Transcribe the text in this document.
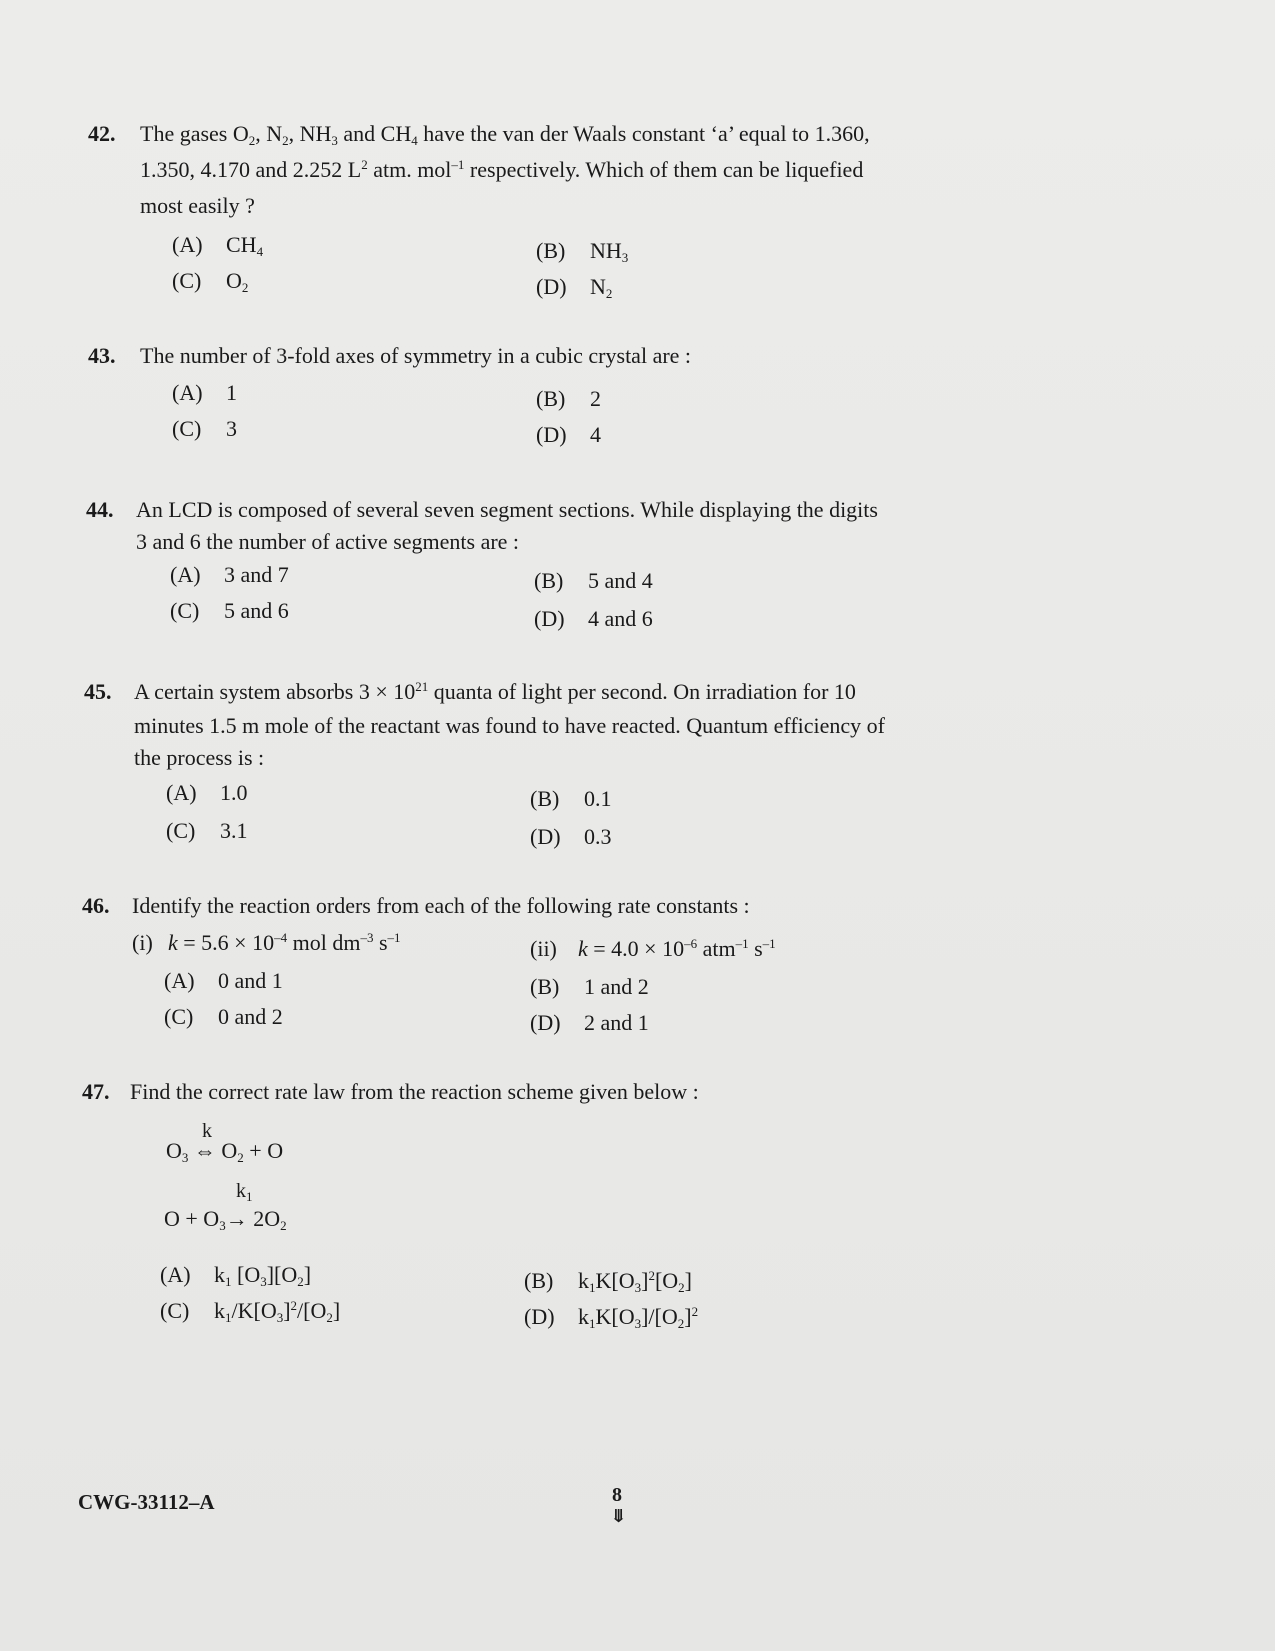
42. The gases $O_2$, $N_2$, $NH_3$ and $CH_4$ have the van der Waals constant ‘a’ equal to 1.360,
1.350, 4.170 and 2.252 $L^2$ atm. mol$^{-1}$ respectively. Which of them can be liquefied
most easily ?
(A) $CH_4$	(B) $NH_3$
(C) $O_2$	(D) $N_2$
43. The number of 3-fold axes of symmetry in a cubic crystal are :
(A) 1	(B) 2
(C) 3	(D) 4
44. An LCD is composed of several seven segment sections. While displaying the digits
3 and 6 the number of active segments are :
(A) 3 and 7	(B) 5 and 4
(C) 5 and 6	(D) 4 and 6
45. A certain system absorbs $3 \times 10^{21}$ quanta of light per second. On irradiation for 10
minutes 1.5 m mole of the reactant was found to have reacted. Quantum efficiency of
the process is :
(A) 1.0	(B) 0.1
(C) 3.1	(D) 0.3
46. Identify the reaction orders from each of the following rate constants :
(i) $k = 5.6 \times 10^{-4}$ mol $dm^{-3}$ $s^{-1}$	(ii) $k = 4.0 \times 10^{-6}$ atm$^{-1}$ $s^{-1}$
(A) 0 and 1	(B) 1 and 2
(C) 0 and 2	(D) 2 and 1
47. Find the correct rate law from the reaction scheme given below :
k
$O_3$ ⇔ $O_2 + O$
$k_1$
$O + O_3\to 2O_2$
(A) $k_1$ $[O_3][O_2]$	(B) $k_1K[O_3]^2[O_2]$
(C) $k_1/K[O_3]^2/[O_2]$	(D) $k_1K[O_3]/[O_2]^2$
CWG-33112–A	8
⤋
